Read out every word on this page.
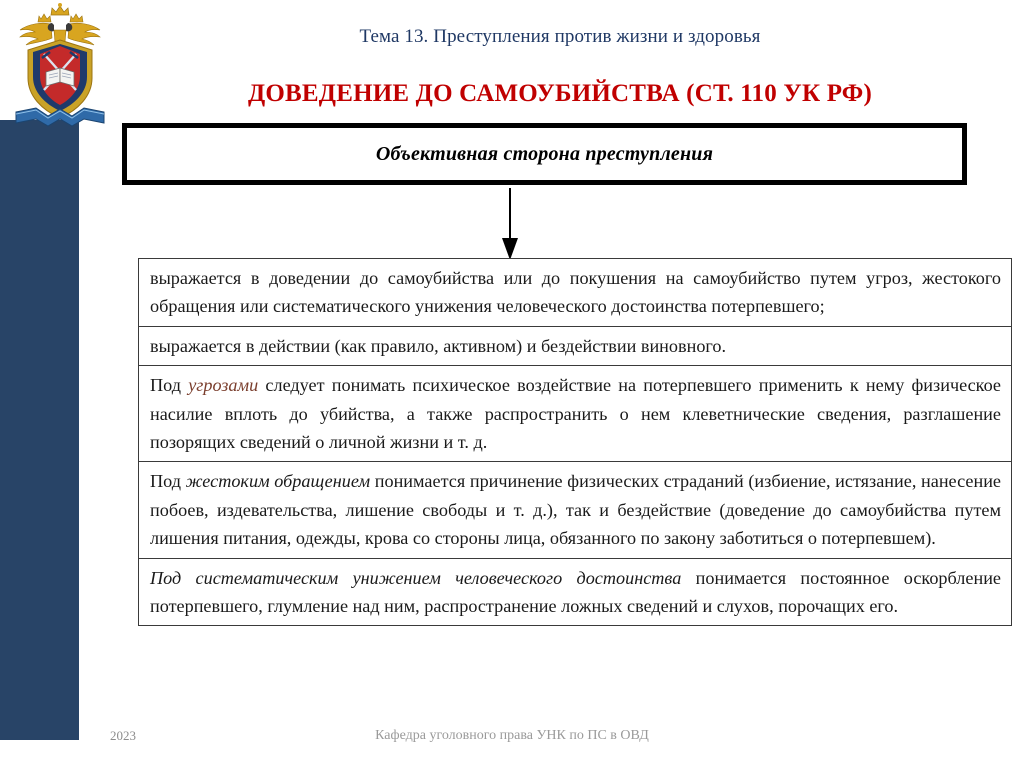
Тема 13. Преступления против жизни и здоровья
ДОВЕДЕНИЕ ДО САМОУБИЙСТВА (СТ. 110 УК РФ)
Объективная сторона преступления
выражается в доведении до самоубийства или до покушения на самоубийство путем угроз, жестокого обращения или систематического унижения человеческого достоинства потерпевшего;
выражается в действии (как правило, активном) и бездействии виновного.
Под угрозами следует понимать психическое воздействие на потерпевшего применить к нему физическое насилие вплоть до убийства, а также распространить о нем клеветнические сведения, разглашение позорящих сведений о личной жизни и т. д.
Под жестоким обращением понимается причинение физических страданий (избиение, истязание, нанесение побоев, издевательства, лишение свободы и т. д.), так и бездействие (доведение до самоубийства путем лишения питания, одежды, крова со стороны лица, обязанного по закону заботиться о потерпевшем).
Под систематическим унижением человеческого достоинства понимается постоянное оскорбление потерпевшего, глумление над ним, распространение ложных сведений и слухов, порочащих его.
2023	Кафедра уголовного права УНК по ПС в ОВД
